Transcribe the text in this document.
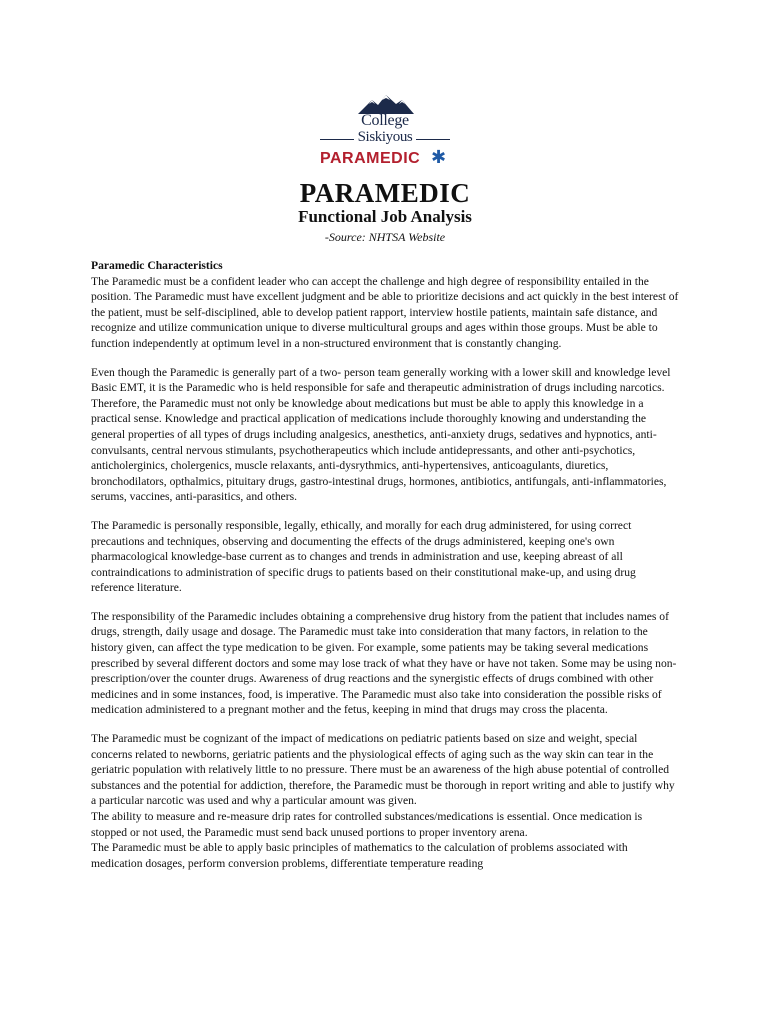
College
Siskiyous
PARAMEDIC ✱
PARAMEDIC
Functional Job Analysis
-Source: NHTSA Website

Paramedic Characteristics
The Paramedic must be a confident leader who can accept the challenge and high degree of responsibility entailed in the position. The Paramedic must have excellent judgment and be able to prioritize decisions and act quickly in the best interest of the patient, must be self-disciplined, able to develop patient rapport, interview hostile patients, maintain safe distance, and recognize and utilize communication unique to diverse multicultural groups and ages within those groups. Must be able to function independently at optimum level in a non-structured environment that is constantly changing.

Even though the Paramedic is generally part of a two- person team generally working with a lower skill and knowledge level Basic EMT, it is the Paramedic who is held responsible for safe and therapeutic administration of drugs including narcotics. Therefore, the Paramedic must not only be knowledge about medications but must be able to apply this knowledge in a practical sense. Knowledge and practical application of medications include thoroughly knowing and understanding the general properties of all types of drugs including analgesics, anesthetics, anti-anxiety drugs, sedatives and hypnotics, anti-convulsants, central nervous stimulants, psychotherapeutics which include antidepressants, and other anti-psychotics, anticholerginics, cholergenics, muscle relaxants, anti-dysrythmics, anti-hypertensives, anticoagulants, diuretics, bronchodilators, opthalmics, pituitary drugs, gastro-intestinal drugs, hormones, antibiotics, antifungals, anti-inflammatories, serums, vaccines, anti-parasitics, and others.

The Paramedic is personally responsible, legally, ethically, and morally for each drug administered, for using correct precautions and techniques, observing and documenting the effects of the drugs administered, keeping one's own pharmacological knowledge-base current as to changes and trends in administration and use, keeping abreast of all contraindications to administration of specific drugs to patients based on their constitutional make-up, and using drug reference literature.

The responsibility of the Paramedic includes obtaining a comprehensive drug history from the patient that includes names of drugs, strength, daily usage and dosage. The Paramedic must take into consideration that many factors, in relation to the history given, can affect the type medication to be given. For example, some patients may be taking several medications prescribed by several different doctors and some may lose track of what they have or have not taken. Some may be using non-prescription/over the counter drugs. Awareness of drug reactions and the synergistic effects of drugs combined with other medicines and in some instances, food, is imperative. The Paramedic must also take into consideration the possible risks of medication administered to a pregnant mother and the fetus, keeping in mind that drugs may cross the placenta.

The Paramedic must be cognizant of the impact of medications on pediatric patients based on size and weight, special concerns related to newborns, geriatric patients and the physiological effects of aging such as the way skin can tear in the geriatric population with relatively little to no pressure. There must be an awareness of the high abuse potential of controlled substances and the potential for addiction, therefore, the Paramedic must be thorough in report writing and able to justify why a particular narcotic was used and why a particular amount was given.

The ability to measure and re-measure drip rates for controlled substances/medications is essential. Once medication is stopped or not used, the Paramedic must send back unused portions to proper inventory arena.

The Paramedic must be able to apply basic principles of mathematics to the calculation of problems associated with medication dosages, perform conversion problems, differentiate temperature reading
